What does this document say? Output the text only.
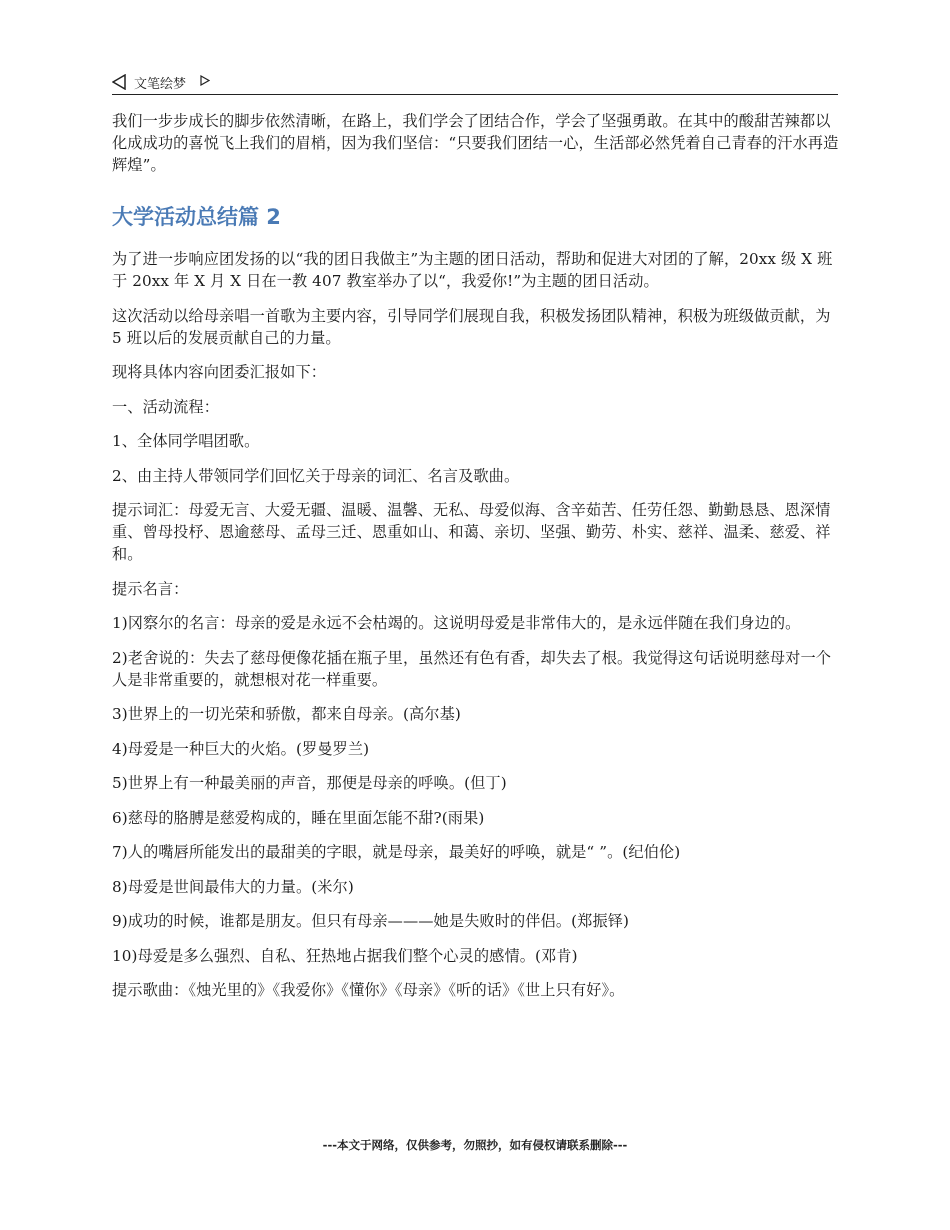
文笔绘梦

我们一步步成长的脚步依然清晰，在路上，我们学会了团结合作，学会了坚强勇敢。在其中的酸甜苦辣都以化成成功的喜悦飞上我们的眉梢，因为我们坚信：“只要我们团结一心，生活部必然凭着自己青春的汗水再造辉煌”。

大学活动总结篇 2

为了进一步响应团发扬的以“我的团日我做主”为主题的团日活动，帮助和促进大对团的了解，20xx 级 X 班于 20xx 年 X 月 X 日在一教 407 教室举办了以“，我爱你!”为主题的团日活动。

这次活动以给母亲唱一首歌为主要内容，引导同学们展现自我，积极发扬团队精神，积极为班级做贡献，为 5 班以后的发展贡献自己的力量。

现将具体内容向团委汇报如下：

一、活动流程：

1、全体同学唱团歌。

2、由主持人带领同学们回忆关于母亲的词汇、名言及歌曲。

提示词汇：母爱无言、大爱无疆、温暖、温馨、无私、母爱似海、含辛茹苦、任劳任怨、勤勤恳恳、恩深情重、曾母投杼、恩逾慈母、孟母三迁、恩重如山、和蔼、亲切、坚强、勤劳、朴实、慈祥、温柔、慈爱、祥和。

提示名言：

1)冈察尔的名言：母亲的爱是永远不会枯竭的。这说明母爱是非常伟大的，是永远伴随在我们身边的。

2)老舍说的：失去了慈母便像花插在瓶子里，虽然还有色有香，却失去了根。我觉得这句话说明慈母对一个人是非常重要的，就想根对花一样重要。

3)世界上的一切光荣和骄傲，都来自母亲。(高尔基)

4)母爱是一种巨大的火焰。(罗曼罗兰)

5)世界上有一种最美丽的声音，那便是母亲的呼唤。(但丁)

6)慈母的胳膊是慈爱构成的，睡在里面怎能不甜?(雨果)

7)人的嘴唇所能发出的最甜美的字眼，就是母亲，最美好的呼唤，就是“ ”。(纪伯伦)

8)母爱是世间最伟大的力量。(米尔)

9)成功的时候，谁都是朋友。但只有母亲———她是失败时的伴侣。(郑振铎)

10)母爱是多么强烈、自私、狂热地占据我们整个心灵的感情。(邓肯)

提示歌曲：《烛光里的》《我爱你》《懂你》《母亲》《听的话》《世上只有好》。

---本文于网络，仅供参考，勿照抄，如有侵权请联系删除---
